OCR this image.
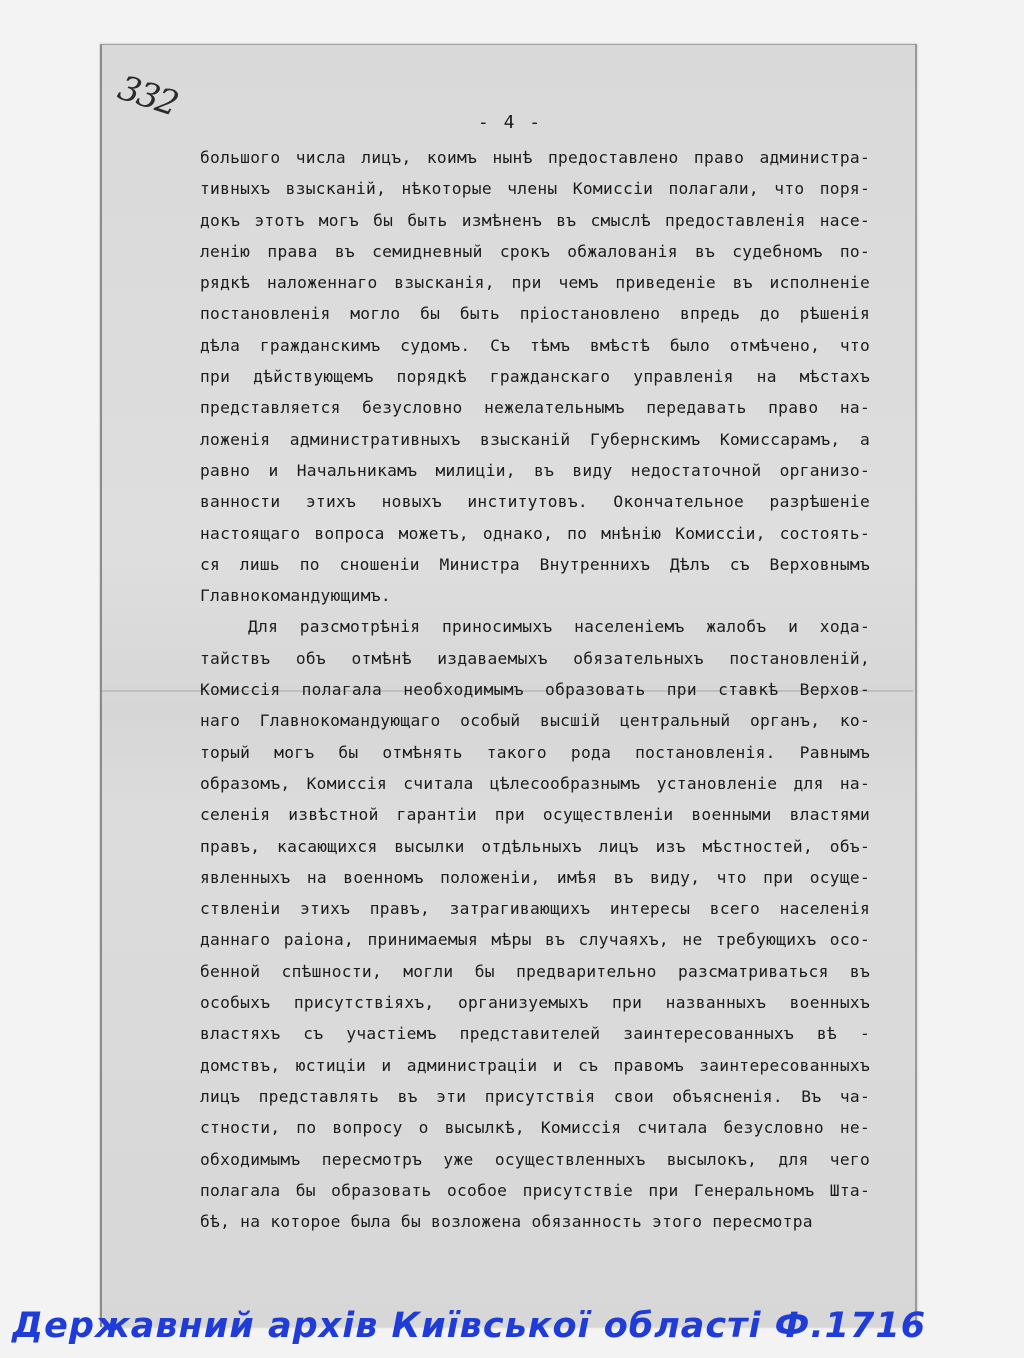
332	- 4 -
большого числа лицъ, коимъ нынѣ предоставлено право администра-
тивныхъ взысканій, нѣкоторые члены Комиссіи полагали, что поря-
докъ этотъ могъ бы быть измѣненъ въ смыслѣ предоставленія насе-
ленію права въ семидневный срокъ обжалованія въ судебномъ по-
рядкѣ наложеннаго взысканія, при чемъ приведеніе въ исполненіе
постановленія могло бы быть пріостановлено впредь до рѣшенія
дѣла гражданскимъ судомъ. Съ тѣмъ вмѣстѣ было отмѣчено, что
при дѣйствующемъ порядкѣ гражданскаго управленія на мѣстахъ
представляется безусловно нежелательнымъ передавать право на-
ложенія административныхъ взысканій Губернскимъ Комиссарамъ, а
равно и Начальникамъ милиціи, въ виду недостаточной организо-
ванности этихъ новыхъ институтовъ. Окончательное разрѣшеніе
настоящаго вопроса можетъ, однако, по мнѣнію Комиссіи, состоять-
ся лишь по сношеніи Министра Внутреннихъ Дѣлъ съ Верховнымъ
Главнокомандующимъ.
Для разсмотрѣнія приносимыхъ населеніемъ жалобъ и хода-
тайствъ объ отмѣнѣ издаваемыхъ обязательныхъ постановленій,
Комиссія полагала необходимымъ образовать при ставкѣ Верхов-
наго Главнокомандующаго особый высшій центральный органъ, ко-
торый могъ бы отмѣнять такого рода постановленія. Равнымъ
образомъ, Комиссія считала цѣлесообразнымъ установленіе для на-
селенія извѣстной гарантіи при осуществленіи военными властями
правъ, касающихся высылки отдѣльныхъ лицъ изъ мѣстностей, объ-
явленныхъ на военномъ положеніи, имѣя въ виду, что при осуще-
ствленіи этихъ правъ, затрагивающихъ интересы всего населенія
даннаго раіона, принимаемыя мѣры въ случаяхъ, не требующихъ осо-
бенной спѣшности, могли бы предварительно разсматриваться въ
особыхъ присутствіяхъ, организуемыхъ при названныхъ военныхъ
властяхъ съ участіемъ представителей заинтересованныхъ вѣ -
домствъ, юстиціи и администраціи и съ правомъ заинтересованныхъ
лицъ представлять въ эти присутствія свои объясненія. Въ ча-
стности, по вопросу о высылкѣ, Комиссія считала безусловно не-
обходимымъ пересмотръ уже осуществленныхъ высылокъ, для чего
полагала бы образовать особое присутствіе при Генеральномъ Шта-
бѣ, на которое была бы возложена обязанность этого пересмотра
Державний архів Київської області Ф.1716
